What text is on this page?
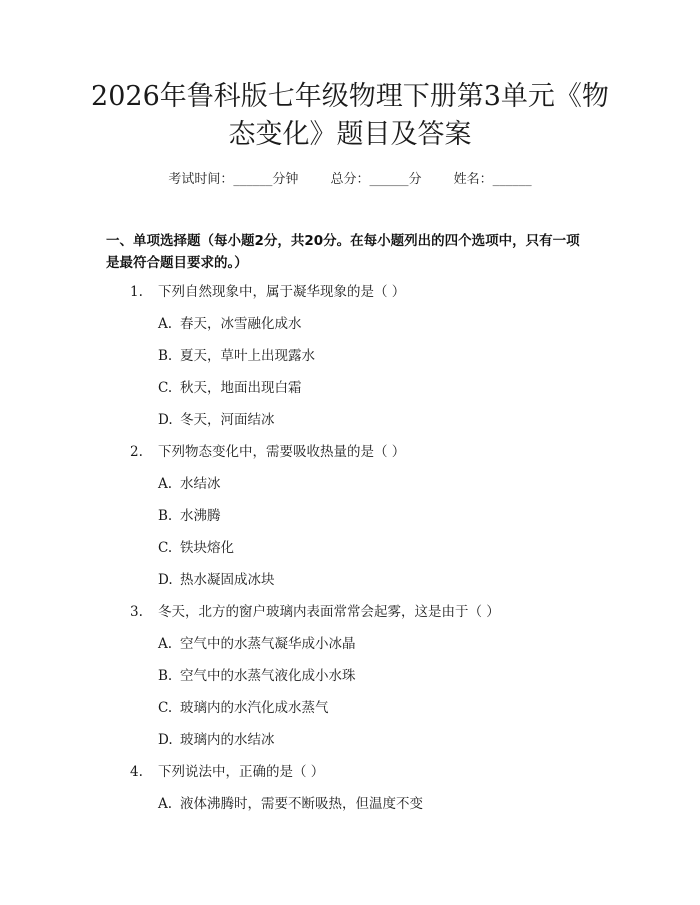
2026年鲁科版七年级物理下册第3单元《物
态变化》题目及答案
考试时间：______分钟 总分：______分 姓名：______
一、单项选择题（每小题2分，共20分。在每小题列出的四个选项中，只有一项
是最符合题目要求的。）
1. 下列自然现象中，属于凝华现象的是（ ）
A. 春天，冰雪融化成水
B. 夏天，草叶上出现露水
C. 秋天，地面出现白霜
D. 冬天，河面结冰
2. 下列物态变化中，需要吸收热量的是（ ）
A. 水结冰
B. 水沸腾
C. 铁块熔化
D. 热水凝固成冰块
3. 冬天，北方的窗户玻璃内表面常常会起雾，这是由于（ ）
A. 空气中的水蒸气凝华成小冰晶
B. 空气中的水蒸气液化成小水珠
C. 玻璃内的水汽化成水蒸气
D. 玻璃内的水结冰
4. 下列说法中，正确的是（ ）
A. 液体沸腾时，需要不断吸热，但温度不变
